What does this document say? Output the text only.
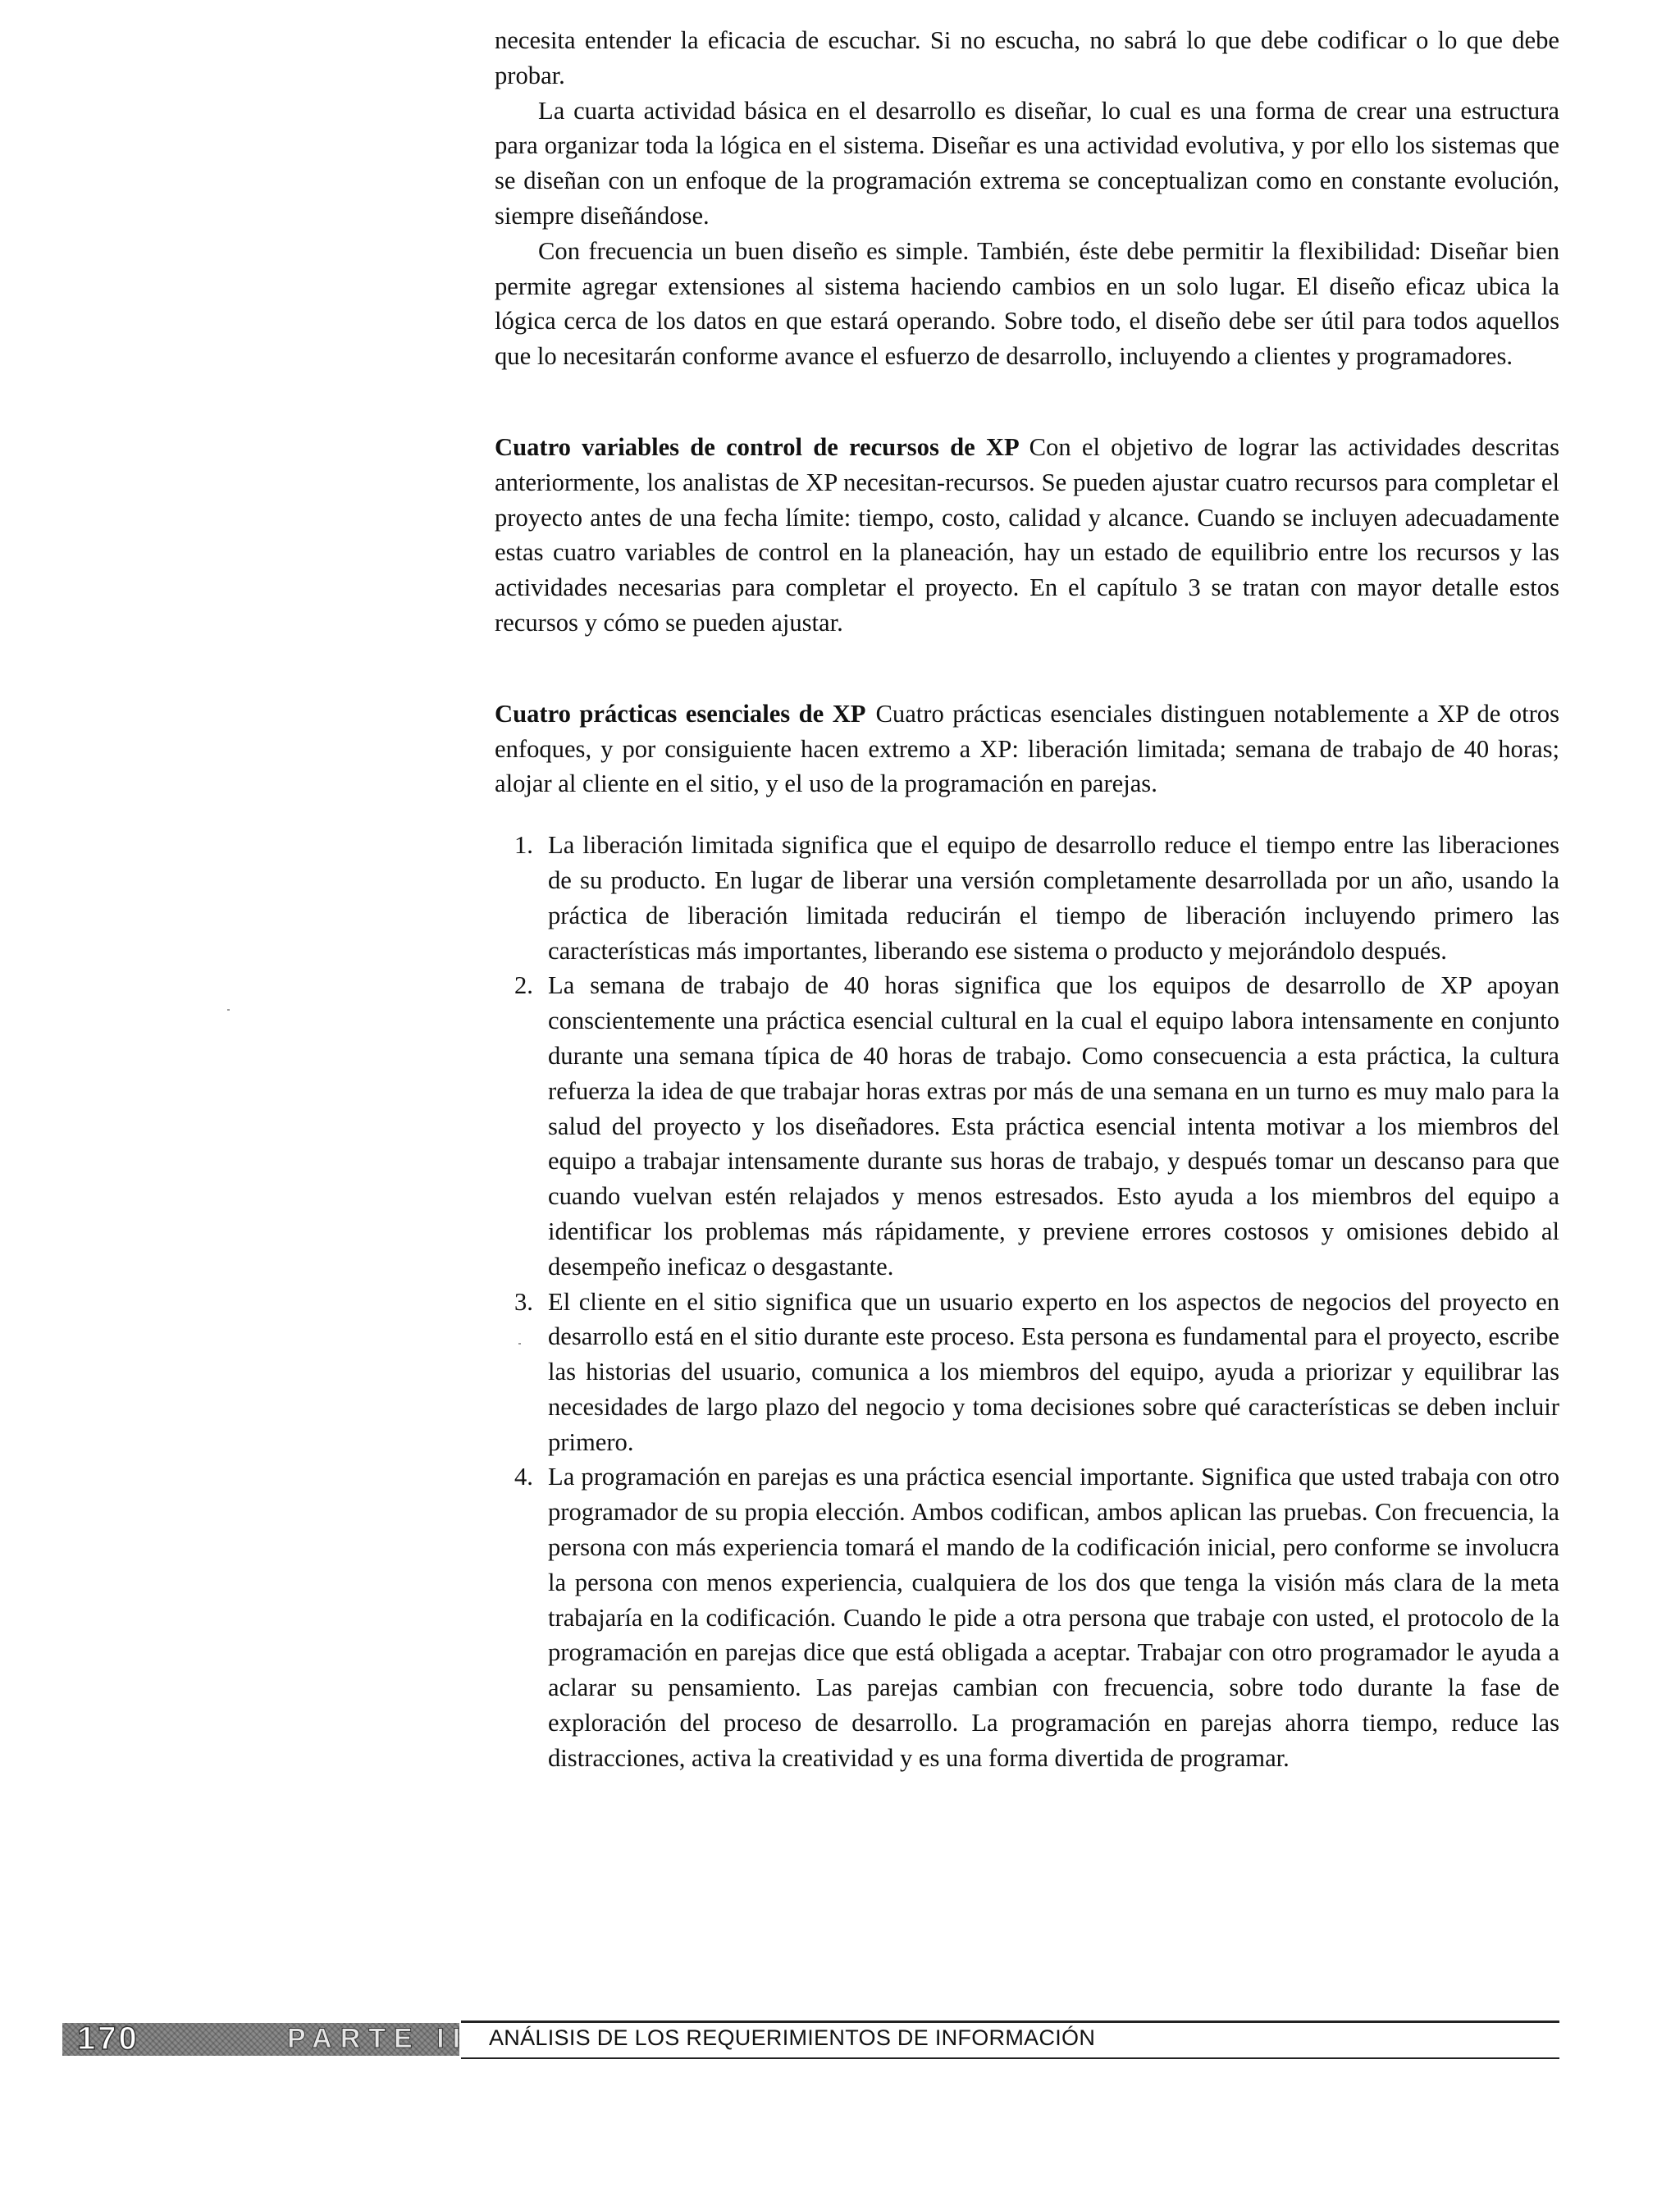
necesita entender la eficacia de escuchar. Si no escucha, no sabrá lo que debe codificar o lo que debe probar.

La cuarta actividad básica en el desarrollo es diseñar, lo cual es una forma de crear una estructura para organizar toda la lógica en el sistema. Diseñar es una actividad evolutiva, y por ello los sistemas que se diseñan con un enfoque de la programación extrema se conceptualizan como en constante evolución, siempre diseñándose.

Con frecuencia un buen diseño es simple. También, éste debe permitir la flexibilidad: Diseñar bien permite agregar extensiones al sistema haciendo cambios en un solo lugar. El diseño eficaz ubica la lógica cerca de los datos en que estará operando. Sobre todo, el diseño debe ser útil para todos aquellos que lo necesitarán conforme avance el esfuerzo de desarrollo, incluyendo a clientes y programadores.

Cuatro variables de control de recursos de XP Con el objetivo de lograr las actividades descritas anteriormente, los analistas de XP necesitan-recursos. Se pueden ajustar cuatro recursos para completar el proyecto antes de una fecha límite: tiempo, costo, calidad y alcance. Cuando se incluyen adecuadamente estas cuatro variables de control en la planeación, hay un estado de equilibrio entre los recursos y las actividades necesarias para completar el proyecto. En el capítulo 3 se tratan con mayor detalle estos recursos y cómo se pueden ajustar.

Cuatro prácticas esenciales de XP Cuatro prácticas esenciales distinguen notablemente a XP de otros enfoques, y por consiguiente hacen extremo a XP: liberación limitada; semana de trabajo de 40 horas; alojar al cliente en el sitio, y el uso de la programación en parejas.

1. La liberación limitada significa que el equipo de desarrollo reduce el tiempo entre las liberaciones de su producto. En lugar de liberar una versión completamente desarrollada por un año, usando la práctica de liberación limitada reducirán el tiempo de liberación incluyendo primero las características más importantes, liberando ese sistema o producto y mejorándolo después.
2. La semana de trabajo de 40 horas significa que los equipos de desarrollo de XP apoyan conscientemente una práctica esencial cultural en la cual el equipo labora intensamente en conjunto durante una semana típica de 40 horas de trabajo. Como consecuencia a esta práctica, la cultura refuerza la idea de que trabajar horas extras por más de una semana en un turno es muy malo para la salud del proyecto y los diseñadores. Esta práctica esencial intenta motivar a los miembros del equipo a trabajar intensamente durante sus horas de trabajo, y después tomar un descanso para que cuando vuelvan estén relajados y menos estresados. Esto ayuda a los miembros del equipo a identificar los problemas más rápidamente, y previene errores costosos y omisiones debido al desempeño ineficaz o desgastante.
3. El cliente en el sitio significa que un usuario experto en los aspectos de negocios del proyecto en desarrollo está en el sitio durante este proceso. Esta persona es fundamental para el proyecto, escribe las historias del usuario, comunica a los miembros del equipo, ayuda a priorizar y equilibrar las necesidades de largo plazo del negocio y toma decisiones sobre qué características se deben incluir primero.
4. La programación en parejas es una práctica esencial importante. Significa que usted trabaja con otro programador de su propia elección. Ambos codifican, ambos aplican las pruebas. Con frecuencia, la persona con más experiencia tomará el mando de la codificación inicial, pero conforme se involucra la persona con menos experiencia, cualquiera de los dos que tenga la visión más clara de la meta trabajaría en la codificación. Cuando le pide a otra persona que trabaje con usted, el protocolo de la programación en parejas dice que está obligada a aceptar. Trabajar con otro programador le ayuda a aclarar su pensamiento. Las parejas cambian con frecuencia, sobre todo durante la fase de exploración del proceso de desarrollo. La programación en parejas ahorra tiempo, reduce las distracciones, activa la creatividad y es una forma divertida de programar.
170	PARTE II ANÁLISIS DE LOS REQUERIMIENTOS DE INFORMACIÓN
